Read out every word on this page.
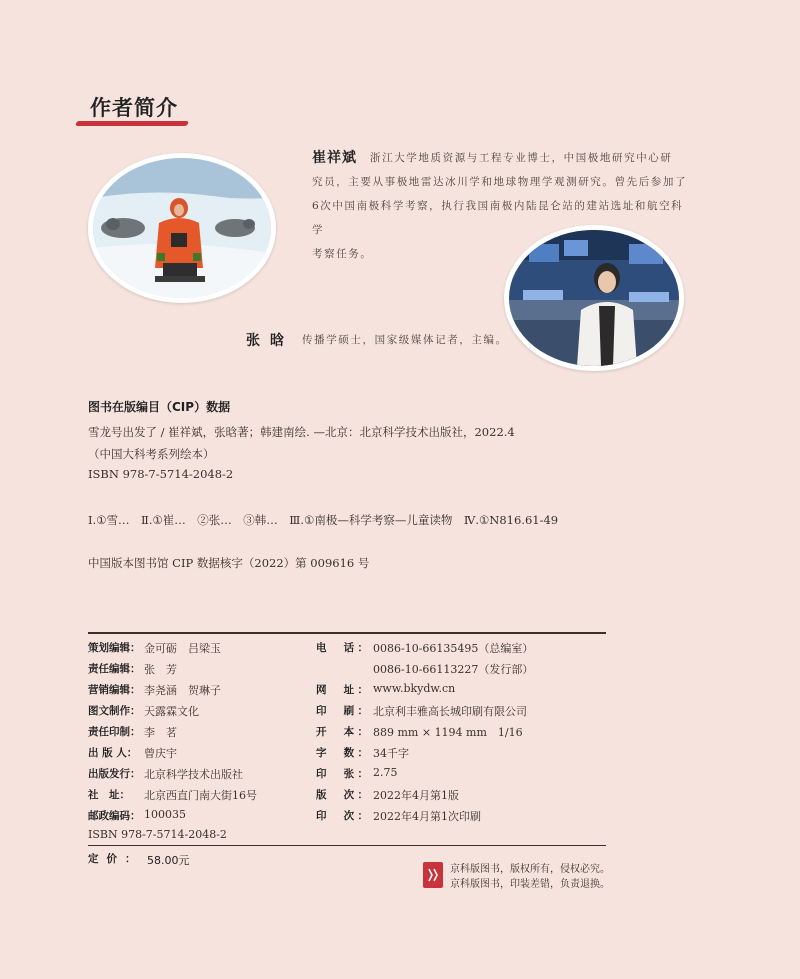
作者简介
崔祥斌 浙江大学地质资源与工程专业博士，中国极地研究中心研
究员，主要从事极地雷达冰川学和地球物理学观测研究。曾先后参加了
6次中国南极科学考察，执行我国南极内陆昆仑站的建站选址和航空科学
考察任务。
张晗 传播学硕士，国家级媒体记者，主编。
图书在版编目（CIP）数据
雪龙号出发了 / 崔祥斌，张晗著；韩建南绘. —北京：北京科学技术出版社，2022.4
（中国大科考系列绘本）
ISBN 978-7-5714-2048-2
Ⅰ.①雪…　Ⅱ.①崔…　②张…　③韩…　Ⅲ.①南极—科学考察—儿童读物　Ⅳ.①N816.61-49
中国版本图书馆 CIP 数据核字（2022）第 009616 号
策划编辑： 金可砺　吕梁玉	电　话： 0086-10-66135495（总编室）
责任编辑： 张　芳	0086-10-66113227（发行部）
营销编辑： 李尧涵　贺琳子	网　址： www.bkydw.cn
图文制作： 天露霖文化	印　刷： 北京利丰雅高长城印刷有限公司
责任印制： 李　茗	开　本： 889 mm × 1194 mm　1/16
出 版 人： 曾庆宇	字　数： 34千字
出版发行： 北京科学技术出版社	印　张： 2.75
社　址： 北京西直门南大街16号	版　次： 2022年4月第1版
邮政编码： 100035	印　次： 2022年4月第1次印刷
ISBN 978-7-5714-2048-2
定价： 58.00元
京科版图书，版权所有，侵权必究。
京科版图书，印装差错，负责退换。
